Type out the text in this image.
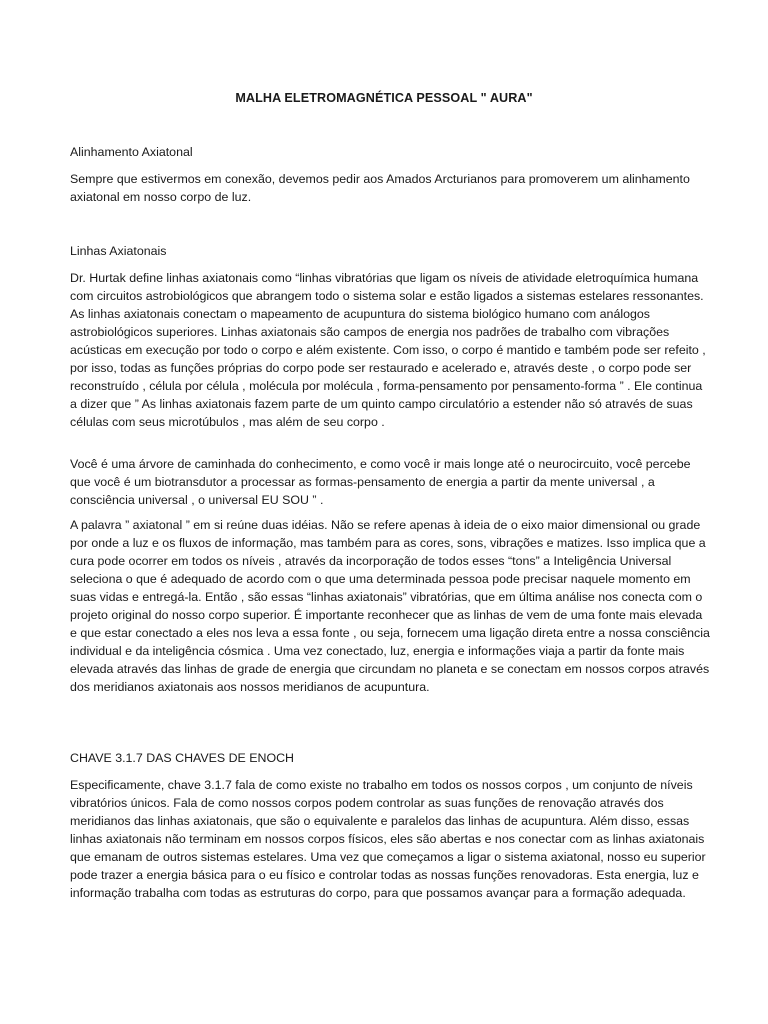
MALHA ELETROMAGNÉTICA PESSOAL " AURA"
Alinhamento Axiatonal

Sempre que estivermos em conexão, devemos pedir aos Amados Arcturianos para promoverem um alinhamento axiatonal em nosso corpo de luz.

Linhas Axiatonais

Dr. Hurtak define linhas axiatonais como “linhas vibratórias que ligam os níveis de atividade eletroquímica humana com circuitos astrobiológicos que abrangem todo o sistema solar e estão ligados a sistemas estelares ressonantes. As linhas axiatonais conectam o mapeamento de acupuntura do sistema biológico humano com análogos astrobiológicos superiores. Linhas axiatonais são campos de energia nos padrões de trabalho com vibrações acústicas em execução por todo o corpo e além existente. Com isso, o corpo é mantido e também pode ser refeito , por isso, todas as funções próprias do corpo pode ser restaurado e acelerado e, através deste , o corpo pode ser reconstruído , célula por célula , molécula por molécula , forma-pensamento por pensamento-forma ” . Ele continua a dizer que ” As linhas axiatonais fazem parte de um quinto campo circulatório a estender não só através de suas células com seus microtúbulos , mas além de seu corpo .

Você é uma árvore de caminhada do conhecimento, e como você ir mais longe até o neurocircuito, você percebe que você é um biotransdutor a processar as formas-pensamento de energia a partir da mente universal , a consciência universal , o universal EU SOU ” .

A palavra ” axiatonal ” em si reúne duas idéias. Não se refere apenas à ideia de o eixo maior dimensional ou grade por onde a luz e os fluxos de informação, mas também para as cores, sons, vibrações e matizes. Isso implica que a cura pode ocorrer em todos os níveis , através da incorporação de todos esses “tons” a Inteligência Universal seleciona o que é adequado de acordo com o que uma determinada pessoa pode precisar naquele momento em suas vidas e entregá-la. Então , são essas “linhas axiatonais” vibratórias, que em última análise nos conecta com o projeto original do nosso corpo superior. É importante reconhecer que as linhas de vem de uma fonte mais elevada e que estar conectado a eles nos leva a essa fonte , ou seja, fornecem uma ligação direta entre a nossa consciência individual e da inteligência cósmica . Uma vez conectado, luz, energia e informações viaja a partir da fonte mais elevada através das linhas de grade de energia que circundam no planeta e se conectam em nossos corpos através dos meridianos axiatonais aos nossos meridianos de acupuntura.

CHAVE 3.1.7 DAS CHAVES DE ENOCH

Especificamente, chave 3.1.7 fala de como existe no trabalho em todos os nossos corpos , um conjunto de níveis vibratórios únicos. Fala de como nossos corpos podem controlar as suas funções de renovação através dos meridianos das linhas axiatonais, que são o equivalente e paralelos das linhas de acupuntura. Além disso, essas linhas axiatonais não terminam em nossos corpos físicos, eles são abertas e nos conectar com as linhas axiatonais que emanam de outros sistemas estelares. Uma vez que começamos a ligar o sistema axiatonal, nosso eu superior pode trazer a energia básica para o eu físico e controlar todas as nossas funções renovadoras. Esta energia, luz e informação trabalha com todas as estruturas do corpo, para que possamos avançar para a formação adequada.
